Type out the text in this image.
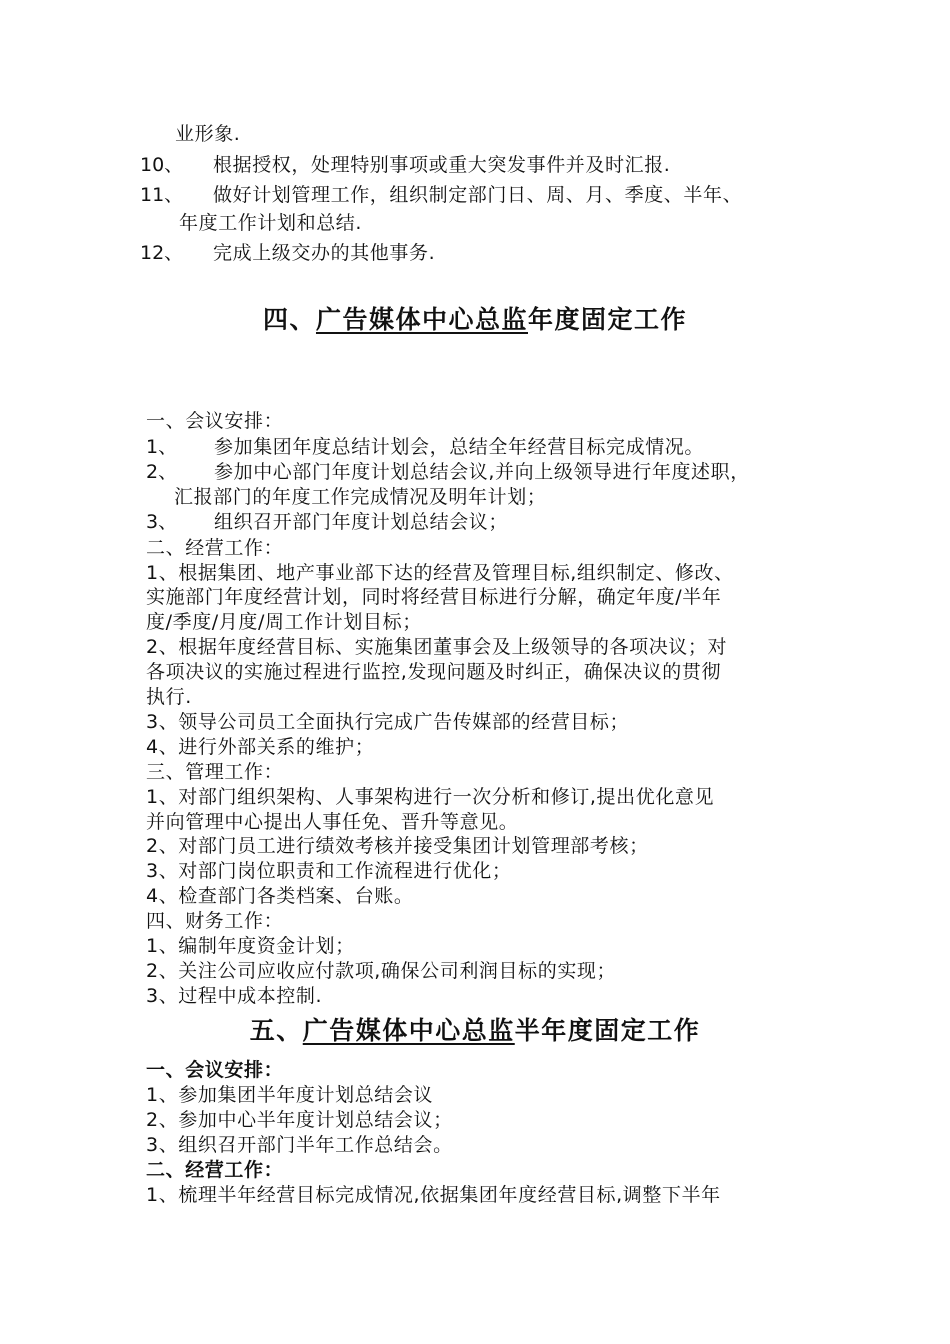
业形象.
10、 根据授权，处理特别事项或重大突发事件并及时汇报.
11、 做好计划管理工作，组织制定部门日、周、月、季度、半年、
年度工作计划和总结.
12、 完成上级交办的其他事务.
四、广告媒体中心总监年度固定工作
一、会议安排：
1、 参加集团年度总结计划会，总结全年经营目标完成情况。
2、 参加中心部门年度计划总结会议,并向上级领导进行年度述职，
汇报部门的年度工作完成情况及明年计划；
3、 组织召开部门年度计划总结会议；
二、经营工作：
1、根据集团、地产事业部下达的经营及管理目标,组织制定、修改、
实施部门年度经营计划，同时将经营目标进行分解，确定年度/半年
度/季度/月度/周工作计划目标；
2、根据年度经营目标、实施集团董事会及上级领导的各项决议；对
各项决议的实施过程进行监控,发现问题及时纠正，确保决议的贯彻
执行.
3、领导公司员工全面执行完成广告传媒部的经营目标；
4、进行外部关系的维护；
三、管理工作：
1、对部门组织架构、人事架构进行一次分析和修订,提出优化意见
并向管理中心提出人事任免、晋升等意见。
2、对部门员工进行绩效考核并接受集团计划管理部考核；
3、对部门岗位职责和工作流程进行优化；
4、检查部门各类档案、台账。
四、财务工作：
1、编制年度资金计划；
2、关注公司应收应付款项,确保公司利润目标的实现；
3、过程中成本控制.
五、广告媒体中心总监半年度固定工作
一、会议安排：
1、参加集团半年度计划总结会议
2、参加中心半年度计划总结会议；
3、组织召开部门半年工作总结会。
二、经营工作：
1、梳理半年经营目标完成情况,依据集团年度经营目标,调整下半年
